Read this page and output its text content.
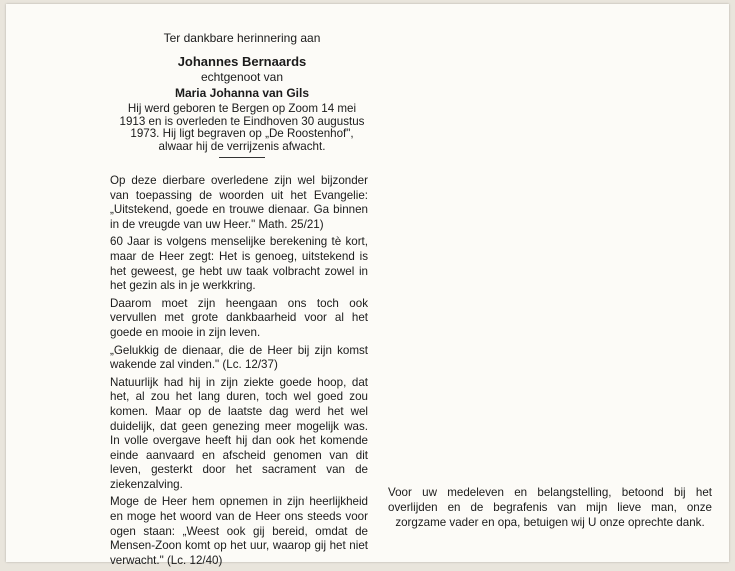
Ter dankbare herinnering aan
Johannes Bernaards
echtgenoot van
Maria Johanna van Gils
Hij werd geboren te Bergen op Zoom 14 mei 1913 en is overleden te Eindhoven 30 augustus 1973. Hij ligt begraven op „De Roostenhof", alwaar hij de verrijzenis afwacht.

Op deze dierbare overledene zijn wel bijzonder van toepassing de woorden uit het Evangelie: „Uitstekend, goede en trouwe dienaar. Ga binnen in de vreugde van uw Heer." Math. 25/21)

60 Jaar is volgens menselijke berekening tè kort, maar de Heer zegt: Het is genoeg, uitstekend is het geweest, ge hebt uw taak volbracht zowel in het gezin als in je werkkring.

Daarom moet zijn heengaan ons toch ook vervullen met grote dankbaarheid voor al het goede en mooie in zijn leven.

„Gelukkig de dienaar, die de Heer bij zijn komst wakende zal vinden." (Lc. 12/37)

Natuurlijk had hij in zijn ziekte goede hoop, dat het, al zou het lang duren, toch wel goed zou komen. Maar op de laatste dag werd het wel duidelijk, dat geen genezing meer mogelijk was. In volle overgave heeft hij dan ook het komende einde aanvaard en afscheid genomen van dit leven, gesterkt door het sacrament van de ziekenzalving.

Moge de Heer hem opnemen in zijn heerlijkheid en moge het woord van de Heer ons steeds voor ogen staan: „Weest ook gij bereid, omdat de Mensen-Zoon komt op het uur, waarop gij het niet verwacht." (Lc. 12/40)

Voor uw medeleven en belangstelling, betoond bij het overlijden en de begrafenis van mijn lieve man, onze zorgzame vader en opa, betuigen wij U onze oprechte dank.
